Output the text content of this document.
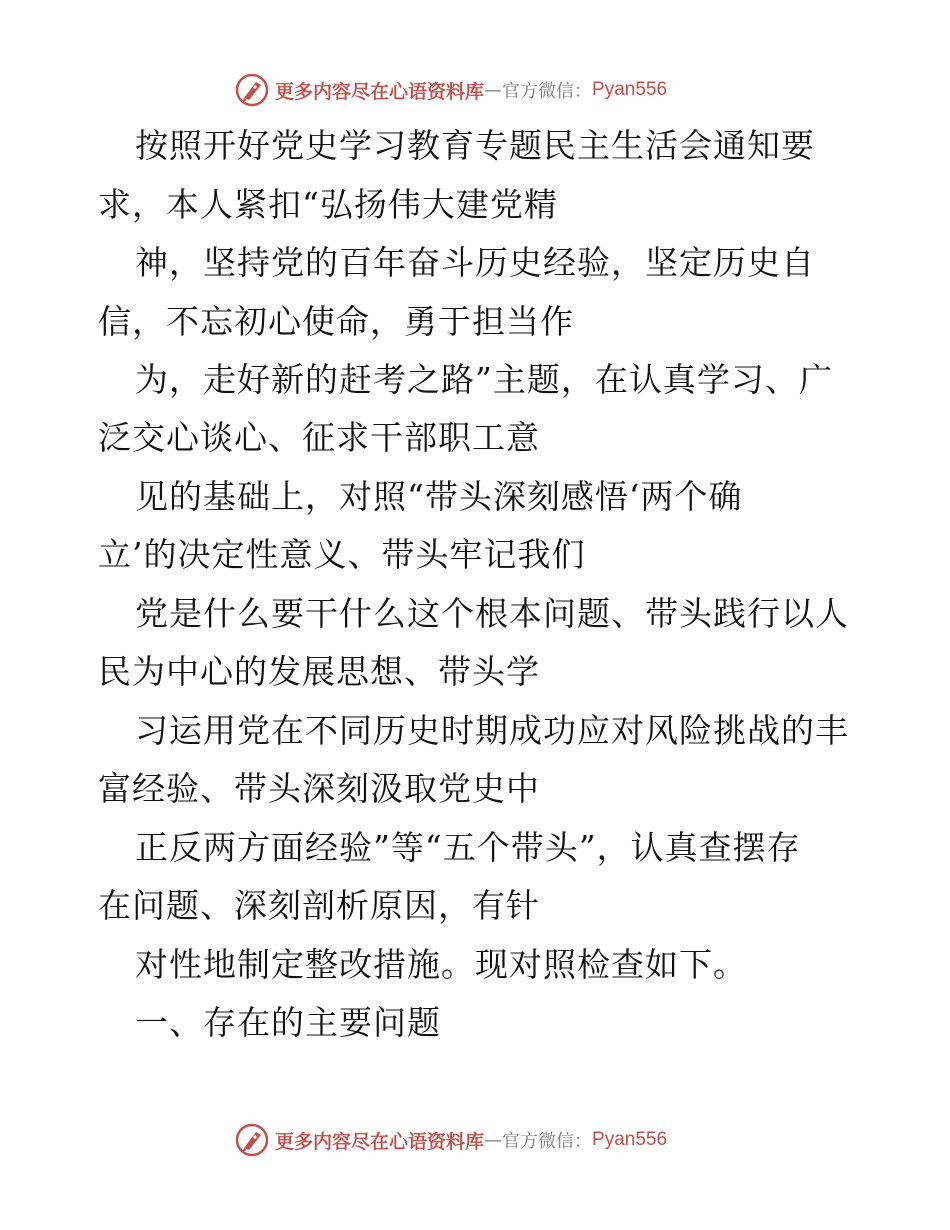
更多内容尽在心语资料库 — 官方微信： Pyan556
按照开好党史学习教育专题民主生活会通知要
求，本人紧扣“弘扬伟大建党精
神，坚持党的百年奋斗历史经验，坚定历史自
信，不忘初心使命，勇于担当作
为，走好新的赶考之路”主题，在认真学习、广
泛交心谈心、征求干部职工意
见的基础上，对照“带头深刻感悟‘两个确
立’的决定性意义、带头牢记我们
党是什么要干什么这个根本问题、带头践行以人
民为中心的发展思想、带头学
习运用党在不同历史时期成功应对风险挑战的丰
富经验、带头深刻汲取党史中
正反两方面经验”等“五个带头”，认真查摆存
在问题、深刻剖析原因，有针
对性地制定整改措施。现对照检查如下。
一、存在的主要问题
更多内容尽在心语资料库 — 官方微信： Pyan556
